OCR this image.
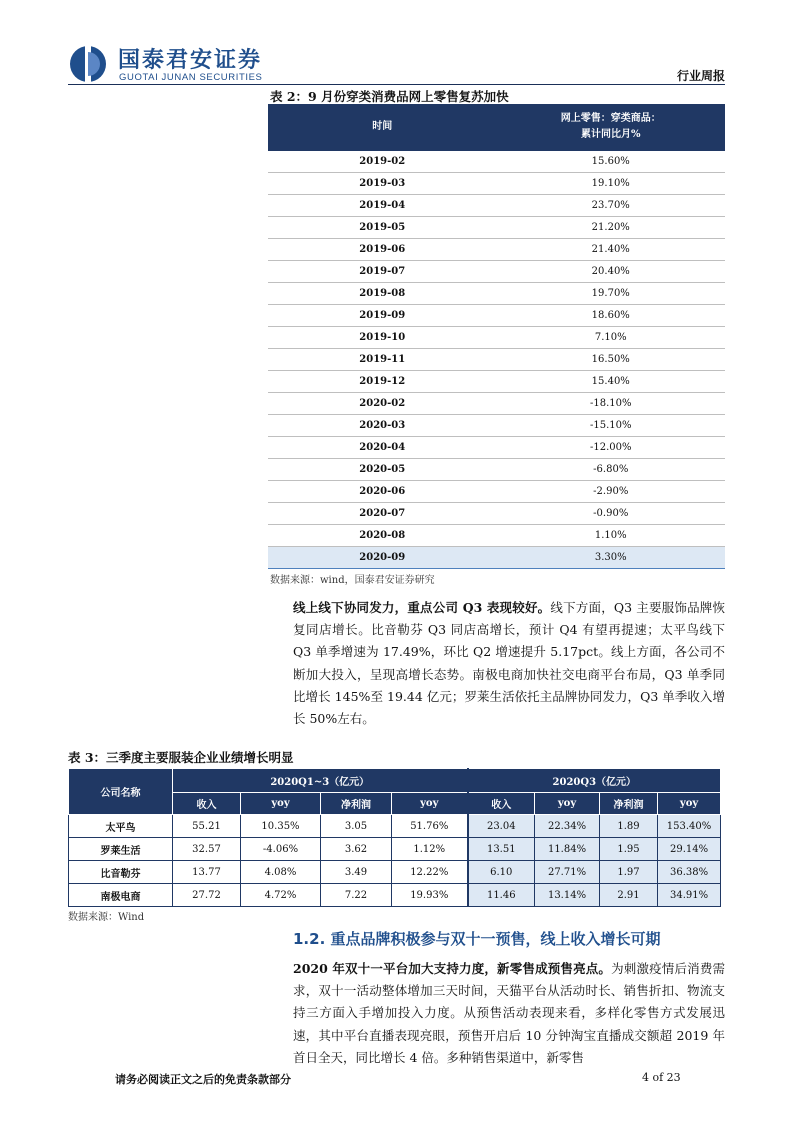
国泰君安证券
GUOTAI JUNAN SECURITIES	行业周报
表 2：9 月份穿类消费品网上零售复苏加快
时间	网上零售：穿类商品：
累计同比月%

2019-02	15.60%
2019-03	19.10%
2019-04	23.70%
2019-05	21.20%
2019-06	21.40%
2019-07	20.40%
2019-08	19.70%
2019-09	18.60%
2019-10	7.10%
2019-11	16.50%
2019-12	15.40%
2020-02	-18.10%
2020-03	-15.10%
2020-04	-12.00%
2020-05	-6.80%
2020-06	-2.90%
2020-07	-0.90%
2020-08	1.10%
2020-09	3.30%
数据来源：wind，国泰君安证券研究
线上线下协同发力，重点公司 Q3 表现较好。线下方面，Q3 主要服饰品牌恢复同店增长。比音勒芬 Q3 同店高增长，预计 Q4 有望再提速；太平鸟线下 Q3 单季增速为 17.49%，环比 Q2 增速提升 5.17pct。线上方面，各公司不断加大投入，呈现高增长态势。南极电商加快社交电商平台布局，Q3 单季同比增长 145%至 19.44 亿元；罗莱生活依托主品牌协同发力，Q3 单季收入增长 50%左右。
表 3：三季度主要服装企业业绩增长明显
公司名称	2020Q1~3（亿元）				2020Q3（亿元）			
	收入	yoy	净利润	yoy	收入	yoy	净利润	yoy
太平鸟	55.21	10.35%	3.05	51.76%	23.04	22.34%	1.89	153.40%
罗莱生活	32.57	-4.06%	3.62	1.12%	13.51	11.84%	1.95	29.14%
比音勒芬	13.77	4.08%	3.49	12.22%	6.10	27.71%	1.97	36.38%
南极电商	27.72	4.72%	7.22	19.93%	11.46	13.14%	2.91	34.91%
数据来源：Wind
1.2. 重点品牌积极参与双十一预售，线上收入增长可期
2020 年双十一平台加大支持力度，新零售成预售亮点。为刺激疫情后消费需求，双十一活动整体增加三天时间，天猫平台从活动时长、销售折扣、物流支持三方面入手增加投入力度。从预售活动表现来看，多样化零售方式发展迅速，其中平台直播表现亮眼，预售开启后 10 分钟淘宝直播成交额超 2019 年首日全天，同比增长 4 倍。多种销售渠道中，新零售
请务必阅读正文之后的免责条款部分	4 of 23
